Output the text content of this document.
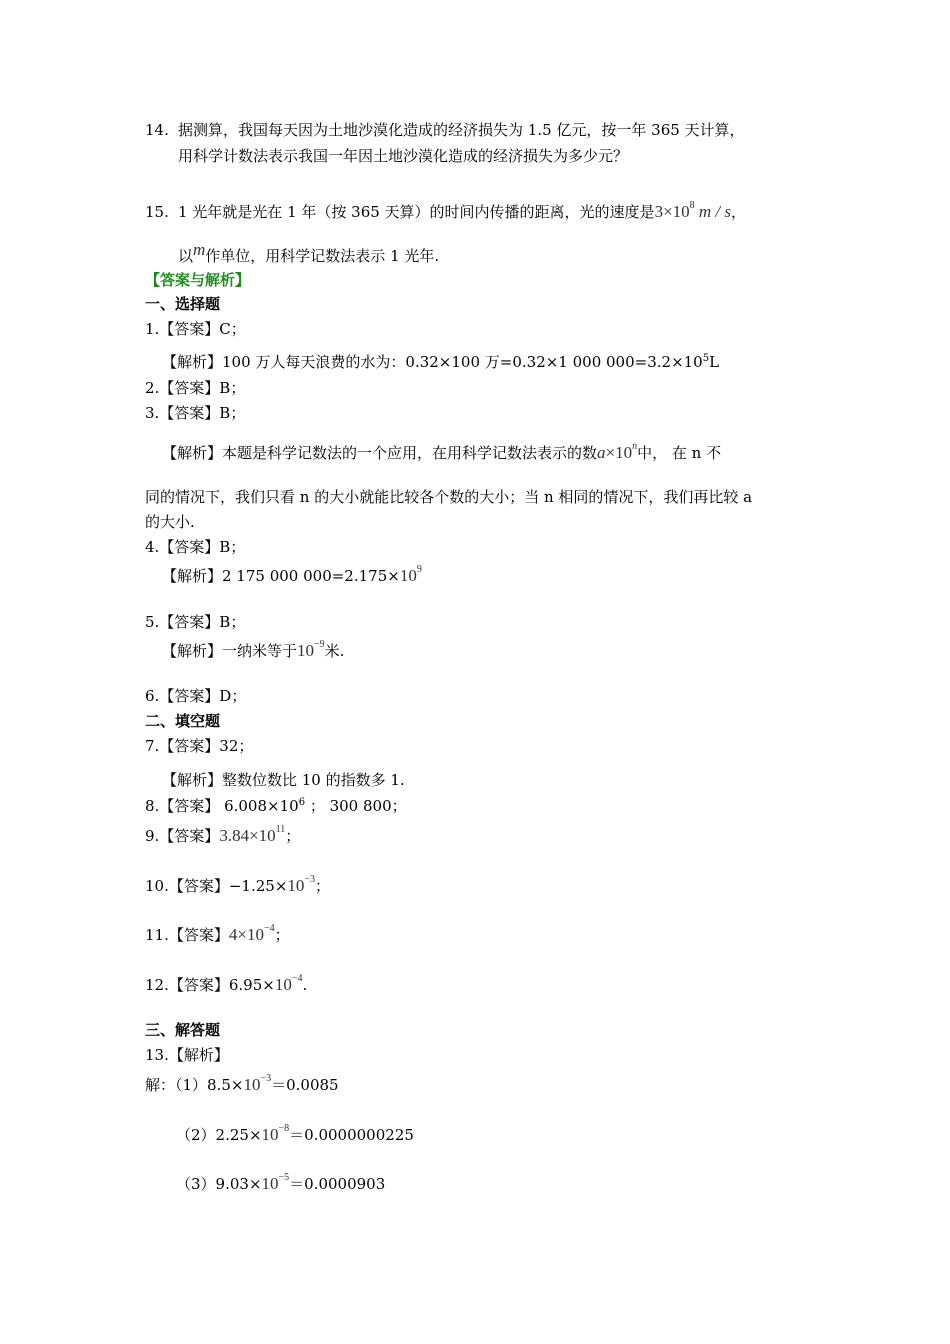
14. 据测算，我国每天因为土地沙漠化造成的经济损失为 1.5 亿元，按一年 365 天计算，
用科学计数法表示我国一年因土地沙漠化造成的经济损失为多少元？
15. 1 光年就是光在 1 年（按 365 天算）的时间内传播的距离，光的速度是$3\times 10^8$ m / s，
以m作单位，用科学记数法表示 1 光年.
【答案与解析】
一、选择题
1.【答案】C；
【解析】100 万人每天浪费的水为：0.32×100 万=0.32×1 000 $000=3.2\times 10^5L$
2.【答案】B；
3.【答案】B；
【解析】本题是科学记数法的一个应用，在用科学记数法表示的数$a\times 10^n$中， 在 n 不
同的情况下，我们只看 n 的大小就能比较各个数的大小；当 n 相同的情况下，我们再比较 a
的大小.
4.【答案】B；
【解析】2 175 000 $000=2.175\times 10^9$
5.【答案】B；
【解析】一纳米等于$10^{-9}$米.
6.【答案】D；
二、填空题
7.【答案】32；
【解析】整数位数比 10 的指数多 1.
8.【答案】 $6.008\times 10^6$ ； 300 800；
9.【答案】$3.84\times 10^{11}$；
10.【答案】$-1.25\times 10^{-3}$；
11.【答案】$4\times 10^{-4}$；
12.【答案】$6.95\times 10^{-4}$.
三、解答题
13.【解析】
解：$(1)8.5\times 10^{-3}=0.0085$
$(2)2.25\times 10^{-8}=0.0000000225$
$(3)9.03\times 10^{-5}=0.0000903$
